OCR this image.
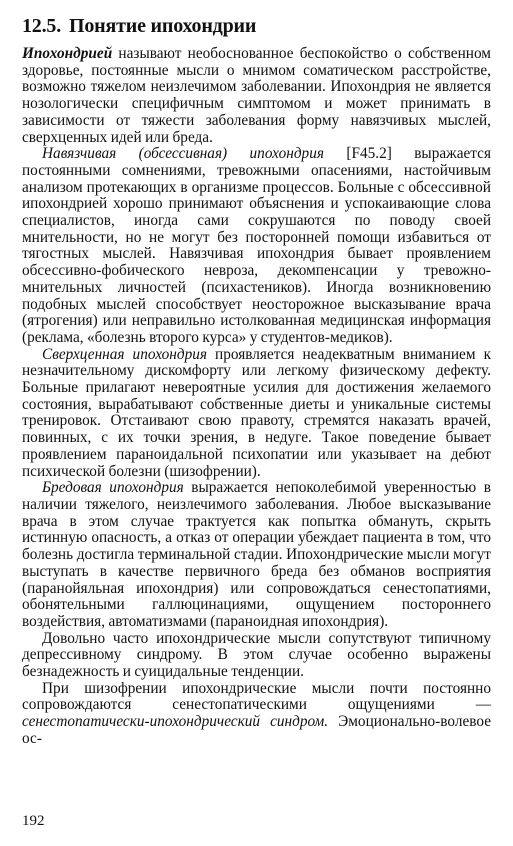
12.5. Понятие ипохондрии

Ипохондрией называют необоснованное беспокойство о собственном здоровье, постоянные мысли о мнимом соматическом расстройстве, возможно тяжелом неизлечимом заболевании. Ипохондрия не является нозологически специфичным симптомом и может принимать в зависимости от тяжести заболевания форму навязчивых мыслей, сверхценных идей или бреда.

Навязчивая (обсессивная) ипохондрия [F45.2] выражается постоянными сомнениями, тревожными опасениями, настойчивым анализом протекающих в организме процессов. Больные с обсессивной ипохондрией хорошо принимают объяснения и успокаивающие слова специалистов, иногда сами сокрушаются по поводу своей мнительности, но не могут без посторонней помощи избавиться от тягостных мыслей. Навязчивая ипохондрия бывает проявлением обсессивно-фобического невроза, декомпенсации у тревожно-мнительных личностей (психастеников). Иногда возникновению подобных мыслей способствует неосторожное высказывание врача (ятрогения) или неправильно истолкованная медицинская информация (реклама, «болезнь второго курса» у студентов-медиков).

Сверхценная ипохондрия проявляется неадекватным вниманием к незначительному дискомфорту или легкому физическому дефекту. Больные прилагают невероятные усилия для достижения желаемого состояния, вырабатывают собственные диеты и уникальные системы тренировок. Отстаивают свою правоту, стремятся наказать врачей, повинных, с их точки зрения, в недуге. Такое поведение бывает проявлением параноидальной психопатии или указывает на дебют психической болезни (шизофрении).

Бредовая ипохондрия выражается непоколебимой уверенностью в наличии тяжелого, неизлечимого заболевания. Любое высказывание врача в этом случае трактуется как попытка обмануть, скрыть истинную опасность, а отказ от операции убеждает пациента в том, что болезнь достигла терминальной стадии. Ипохондрические мысли могут выступать в качестве первичного бреда без обманов восприятия (паранойяльная ипохондрия) или сопровождаться сенестопатиями, обонятельными галлюцинациями, ощущением постороннего воздействия, автоматизмами (параноидная ипохондрия).

Довольно часто ипохондрические мысли сопутствуют типичному депрессивному синдрому. В этом случае особенно выражены безнадежность и суицидальные тенденции.

При шизофрении ипохондрические мысли почти постоянно сопровождаются сенестопатическими ощущениями — сенестопатически-ипохондрический синдром. Эмоционально-волевое ос-

192
